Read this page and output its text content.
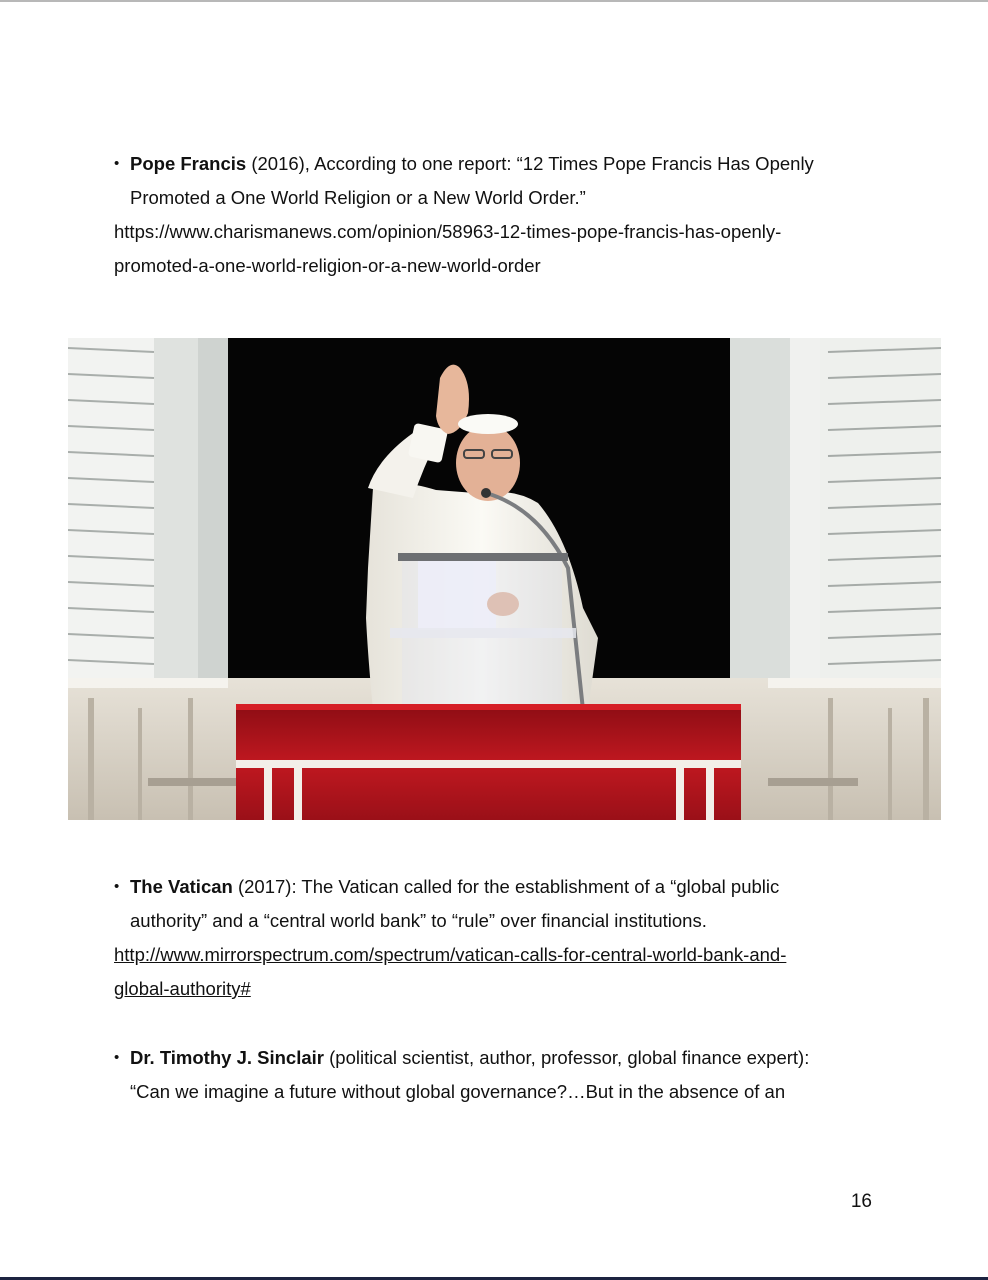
• Pope Francis (2016), According to one report: “12 Times Pope Francis Has Openly
Promoted a One World Religion or a New World Order.”
https://www.charismanews.com/opinion/58963-12-times-pope-francis-has-openly-
promoted-a-one-world-religion-or-a-new-world-order
• The Vatican (2017): The Vatican called for the establishment of a “global public
authority” and a “central world bank” to “rule” over financial institutions.
http://www.mirrorspectrum.com/spectrum/vatican-calls-for-central-world-bank-and-
global-authority#
• Dr. Timothy J. Sinclair (political scientist, author, professor, global finance expert):
“Can we imagine a future without global governance?…But in the absence of an
16
